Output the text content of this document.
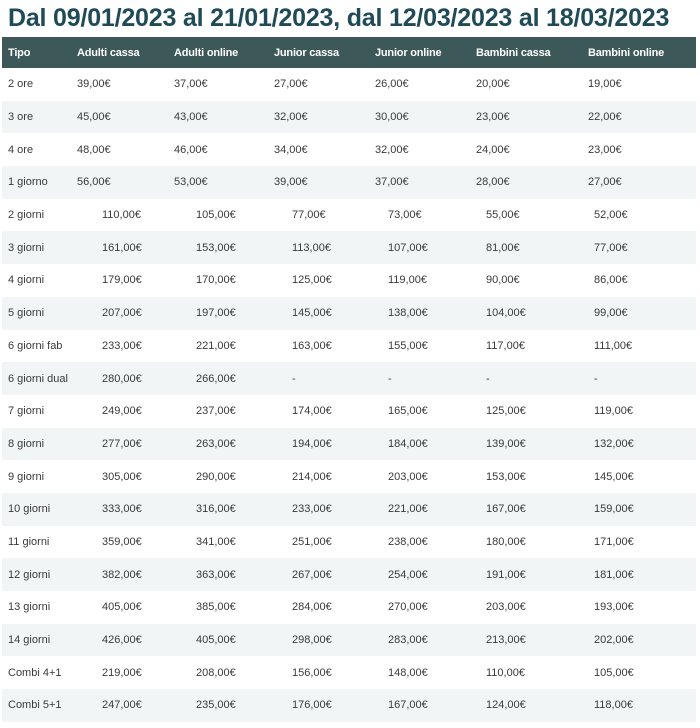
Dal 09/01/2023 al 21/01/2023, dal 12/03/2023 al 18/03/2023
Tipo	Adulti cassa	Adulti online	Junior cassa	Junior online	Bambini cassa	Bambini online
2 ore	39,00€	37,00€	27,00€	26,00€	20,00€	19,00€
3 ore	45,00€	43,00€	32,00€	30,00€	23,00€	22,00€
4 ore	48,00€	46,00€	34,00€	32,00€	24,00€	23,00€
1 giorno	56,00€	53,00€	39,00€	37,00€	28,00€	27,00€
2 giorni	110,00€	105,00€	77,00€	73,00€	55,00€	52,00€
3 giorni	161,00€	153,00€	113,00€	107,00€	81,00€	77,00€
4 giorni	179,00€	170,00€	125,00€	119,00€	90,00€	86,00€
5 giorni	207,00€	197,00€	145,00€	138,00€	104,00€	99,00€
6 giorni fab	233,00€	221,00€	163,00€	155,00€	117,00€	111,00€
6 giorni dual	280,00€	266,00€	-	-	-	-
7 giorni	249,00€	237,00€	174,00€	165,00€	125,00€	119,00€
8 giorni	277,00€	263,00€	194,00€	184,00€	139,00€	132,00€
9 giorni	305,00€	290,00€	214,00€	203,00€	153,00€	145,00€
10 giorni	333,00€	316,00€	233,00€	221,00€	167,00€	159,00€
11 giorni	359,00€	341,00€	251,00€	238,00€	180,00€	171,00€
12 giorni	382,00€	363,00€	267,00€	254,00€	191,00€	181,00€
13 giorni	405,00€	385,00€	284,00€	270,00€	203,00€	193,00€
14 giorni	426,00€	405,00€	298,00€	283,00€	213,00€	202,00€
Combi 4+1	219,00€	208,00€	156,00€	148,00€	110,00€	105,00€
Combi 5+1	247,00€	235,00€	176,00€	167,00€	124,00€	118,00€
